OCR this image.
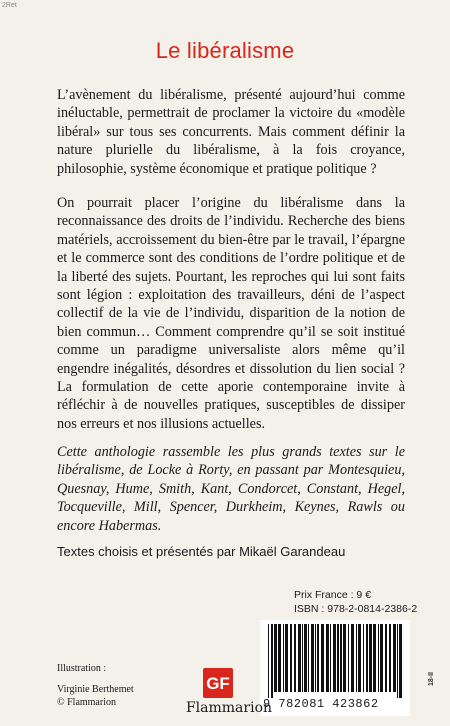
2Ret
Le libéralisme
L’avènement du libéralisme, présenté aujourd’hui comme inéluctable, permettrait de proclamer la victoire du «modèle libéral» sur tous ses concurrents. Mais comment définir la nature plurielle du libéralisme, à la fois croyance, philosophie, système économique et pratique politique ?
On pourrait placer l’origine du libéralisme dans la reconnaissance des droits de l’individu. Recherche des biens matériels, accroissement du bien-être par le travail, l’épargne et le commerce sont des conditions de l’ordre politique et de la liberté des sujets. Pourtant, les reproches qui lui sont faits sont légion : exploitation des travailleurs, déni de l’aspect collectif de la vie de l’individu, disparition de la notion de bien commun… Comment comprendre qu’il se soit institué comme un paradigme universaliste alors même qu’il engendre inégalités, désordres et dissolution du lien social ? La formulation de cette aporie contemporaine invite à réfléchir à de nouvelles pratiques, susceptibles de dissiper nos erreurs et nos illusions actuelles.
Cette anthologie rassemble les plus grands textes sur le libéralisme, de Locke à Rorty, en passant par Montesquieu, Quesnay, Hume, Smith, Kant, Condorcet, Constant, Hegel, Tocqueville, Mill, Spencer, Durkheim, Keynes, Rawls ou encore Habermas.
Textes choisis et présentés par Mikaël Garandeau
Prix France : 9 €
ISBN : 978-2-0814-2386-2
9 782081 423862
Illustration :
Virginie Berthemet
© Flammarion
GF
Flammarion
18-II
